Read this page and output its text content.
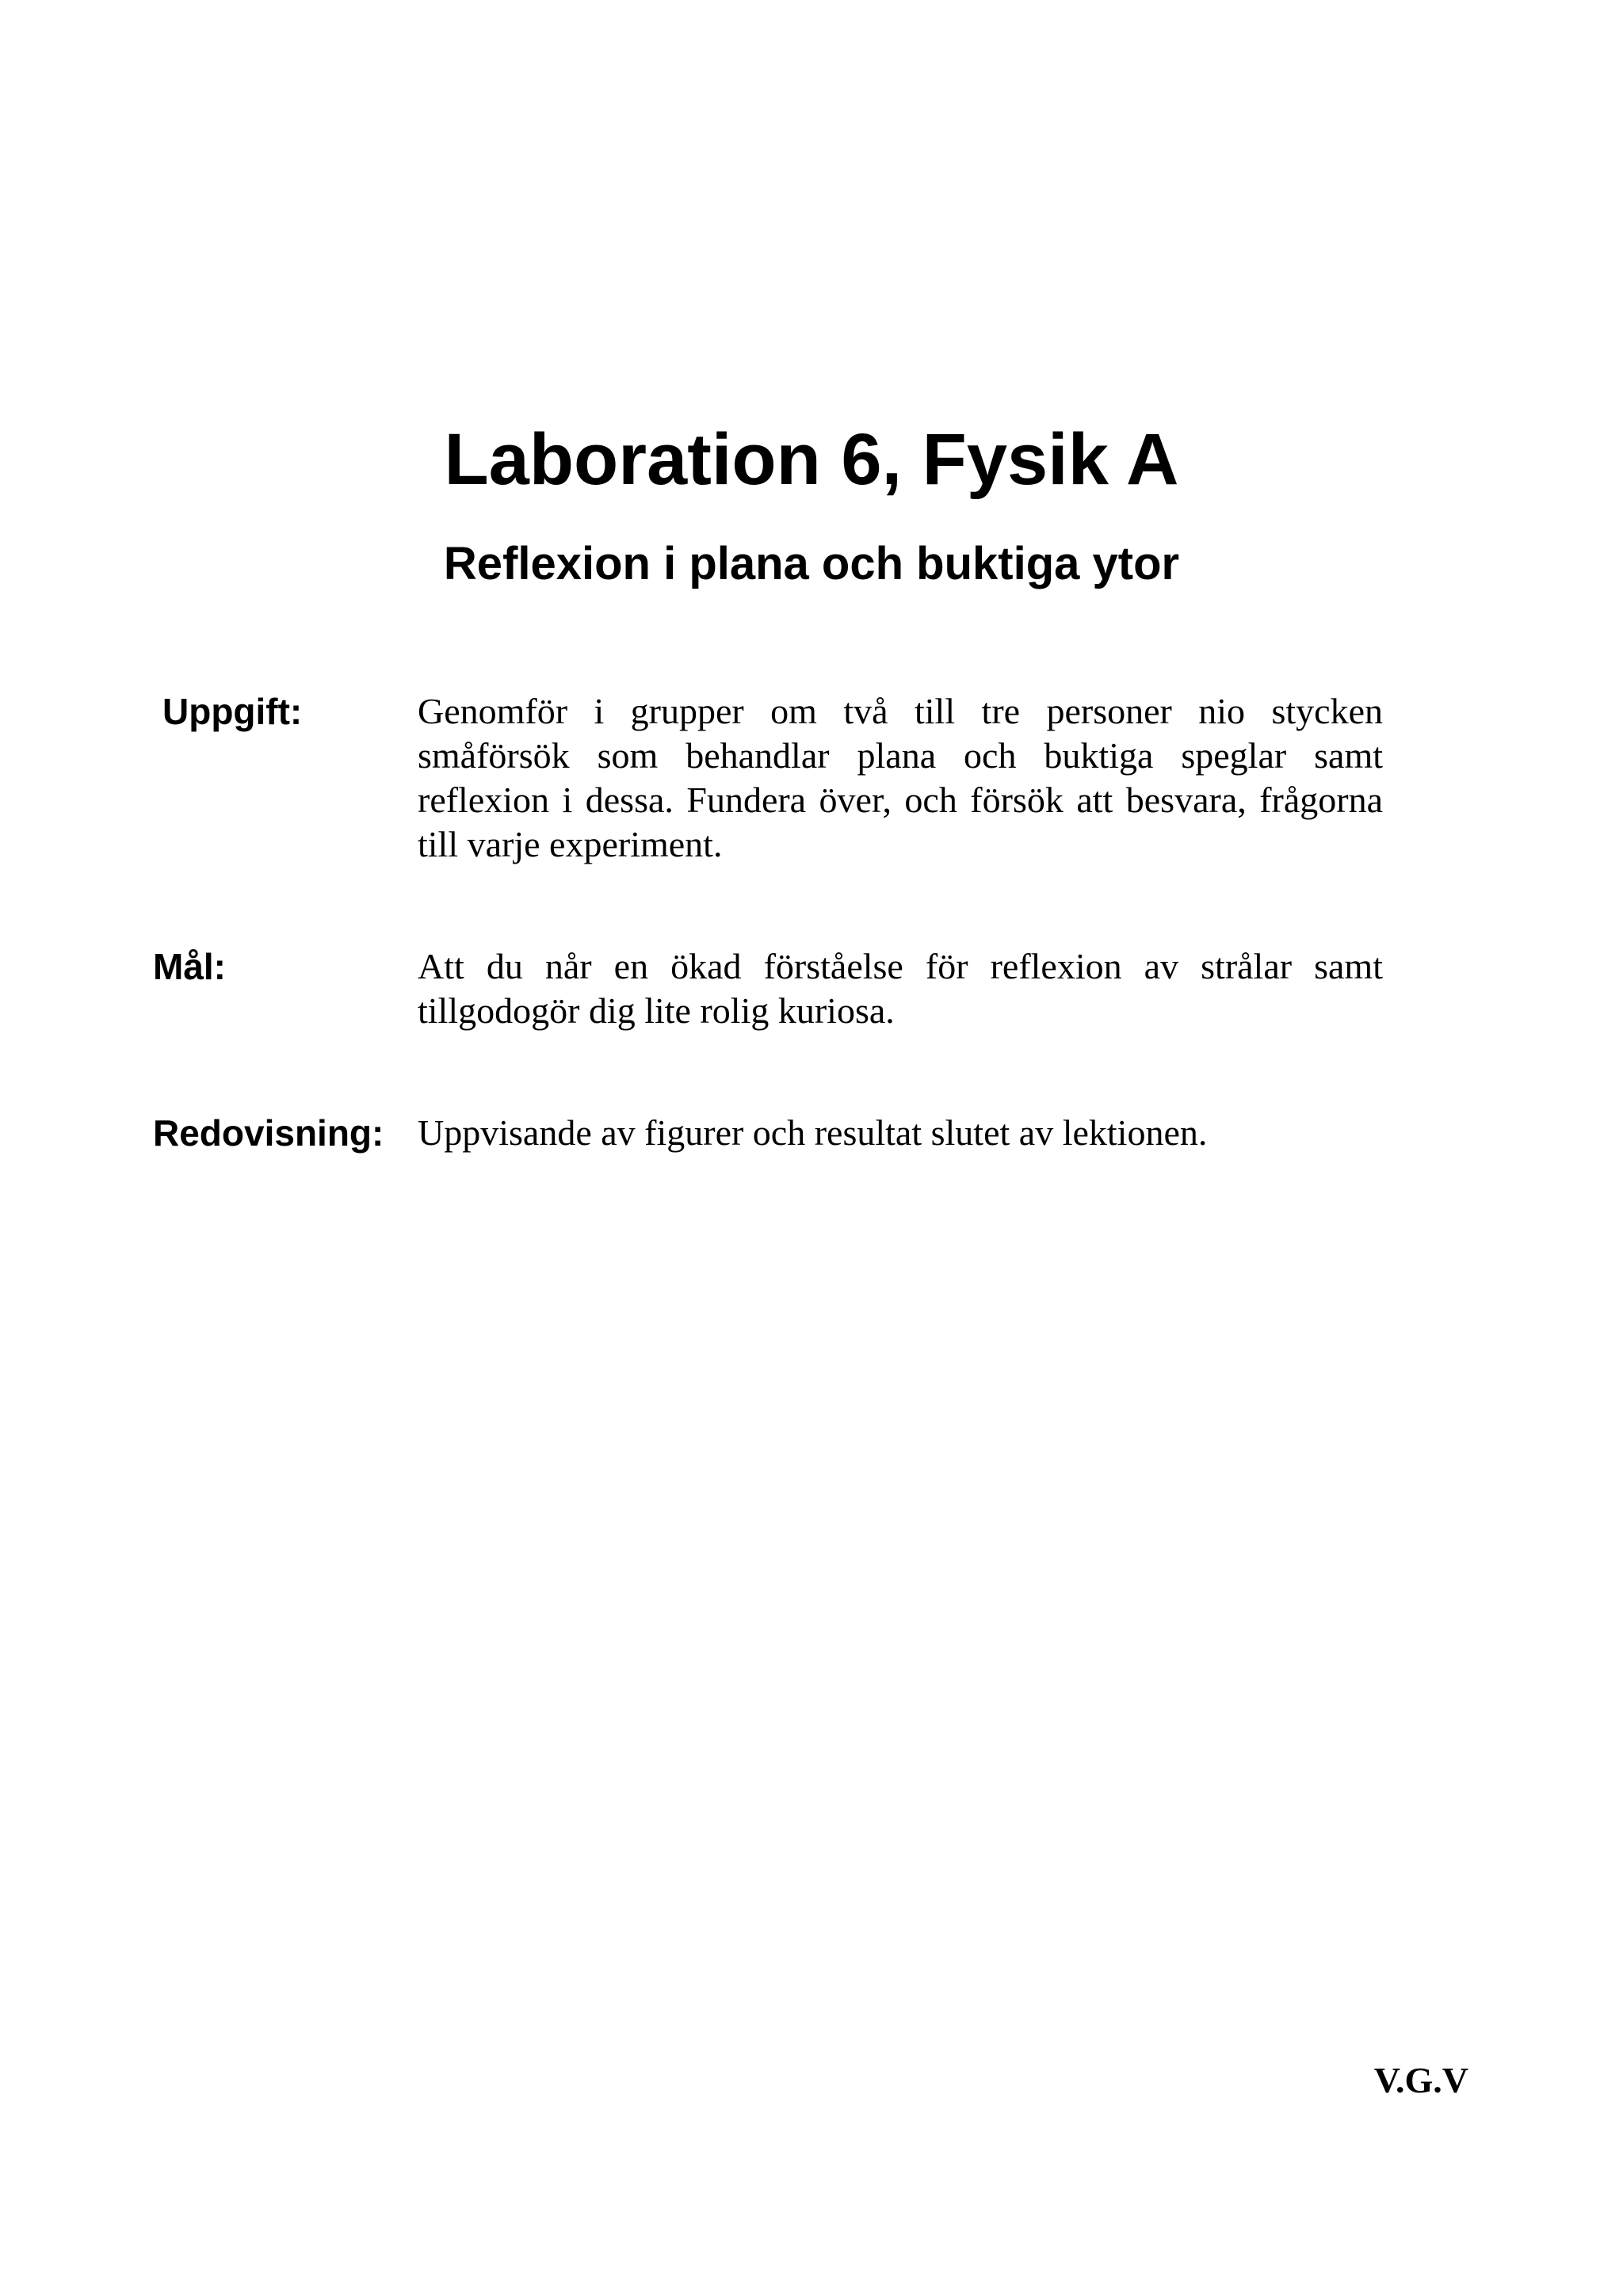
Laboration 6, Fysik A
Reflexion i plana och buktiga ytor
Uppgift:	Genomför i grupper om två till tre personer nio stycken småförsök som behandlar plana och buktiga speglar samt reflexion i dessa. Fundera över, och försök att besvara, frågorna till varje experiment.

Mål:	Att du når en ökad förståelse för reflexion av strålar samt tillgodogör dig lite rolig kuriosa.

Redovisning: Uppvisande av figurer och resultat slutet av lektionen.

V.G.V
